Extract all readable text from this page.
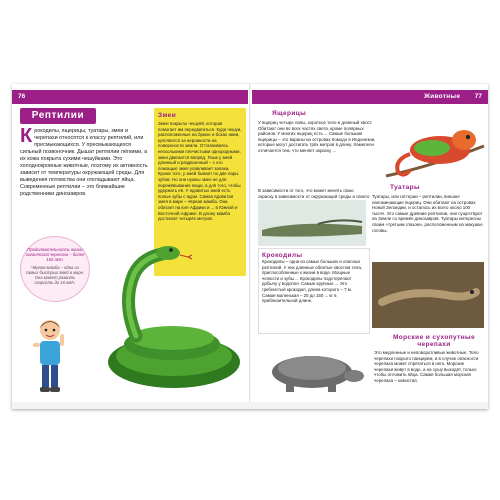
76	Животные 77
Рептилии

К рокодилы, ящерицы, туатары, змеи и черепахи относятся к классу рептилий, или пресмыкающихся. У пресмыкающихся сильный позвоночник. Дышат рептилии лёгкими, а их кожа покрыта сухими чешуйками. Это холоднокровные животные, поэтому их активность зависит от температуры окружающей среды. Для выведения потомства они откладывают яйца. Современные рептилии – это ближайшие родственники динозавров.

Змеи

Змеи покрыты чешуёй, которая помогает им передвигаться. Куда чешуи, расположенные на брюхе и боках змеи, цепляются за неровности на поверхности земли. Отталкиваясь несколькими плечистыми однородными, змеи двигается вперёд. Язык у змей длинный и раздвоенный – с его помощью змея улавливает запахи. Кроме того, у змей бывает по две пары зубов. Но они нужны змее не для пережёвывания пищи, а для того, чтобы удержать её. У ядовитых змей есть полые зубы с ядом. Самая ядовитая змея в мире – чёрная мамба. Она обитает на юге Африки и ... в Южной и Восточной Африке. В длину мамба достигает четырёх метров.

Продолжительность жизни гигантской черепахи – более 160 лет.

Чёрная мамба – одна из самых быстрых змей в мире. Она может развить скорость до 16 км/ч.

Ящерицы

У ящериц четыре лапы, короткое тело и длинный хвост. Обитают они во всех частях света, кроме полярных районов. У многих ящериц есть ... Самые большие ящерицы – это вараны на островах Комодо в Индонезии, которые могут достигать трёх метров в длину. Хамелеон отличается тем, что меняет окраску ...

В зависимости от того, что может менять свою окраску в зависимости от окружающей среды и своего

Крокодилы

Крокодилы – одни из самых больших и опасных рептилий. У них длинные облитые хвостом тела, приспособленные к жизни в воде. Мощные челюсти и зубы ... Крокодилы подстерегают добычу у водопоя. Самые крупные ... Это гребнистый крокодил, длина которого – 7 м. Самая маленькая – 20 до 150 ... кг в приблизительной длине.

Туатары

Туатары, или гаттерии – рептилии, внешне напоминающие ящериц. Они обитают на островах Новой Зеландии, и осталось их всего около 100 тысяч. Это самые древние рептилии, они существуют на Земле со времён динозавров. Туатары интересны своим «третьим глазом», расположенным на макушке головы.

Морские и сухопутные черепахи

Это медленные и неповоротливые животные. Тело черепахи покрыто панцирем, и в случае опасности черепаха может спрятаться в него. Морские черепахи живут в воде, а на сушу выходят, только чтобы отложить яйца. Самая большая морская черепаха – кожистая.
